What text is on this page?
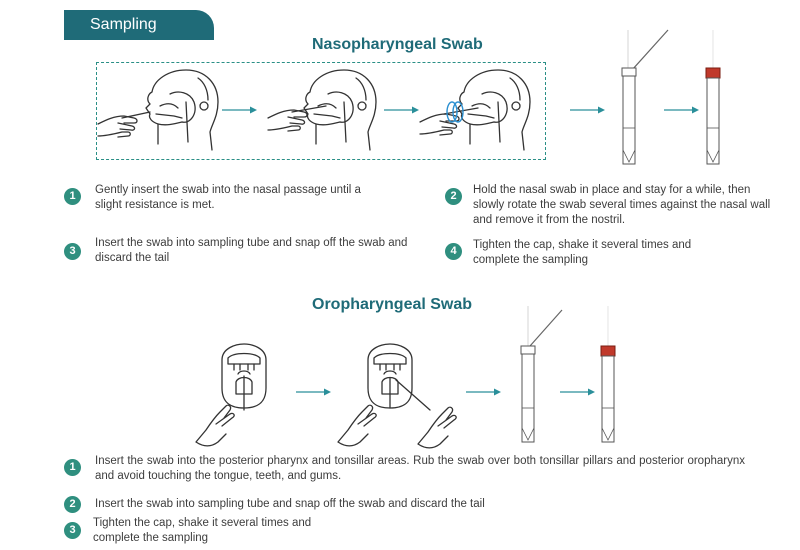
Sampling
Nasopharyngeal Swab
1	Gently insert the swab into the nasal passage until a slight resistance is met.
2	Hold the nasal swab in place and stay for a while, then slowly rotate the swab several times against the nasal wall and remove it from the nostril.
3
Insert the swab into sampling tube and snap off the swab and discard the tail
4	Tighten the cap, shake it several times and complete the sampling
Oropharyngeal Swab
1	Insert the swab into the posterior pharynx and tonsillar areas. Rub the swab over both tonsillar pillars and posterior oropharynx and avoid touching the tongue, teeth, and gums.
2	Insert the swab into sampling tube and snap off the swab and discard the tail
3
Tighten the cap, shake it several times and complete the sampling
